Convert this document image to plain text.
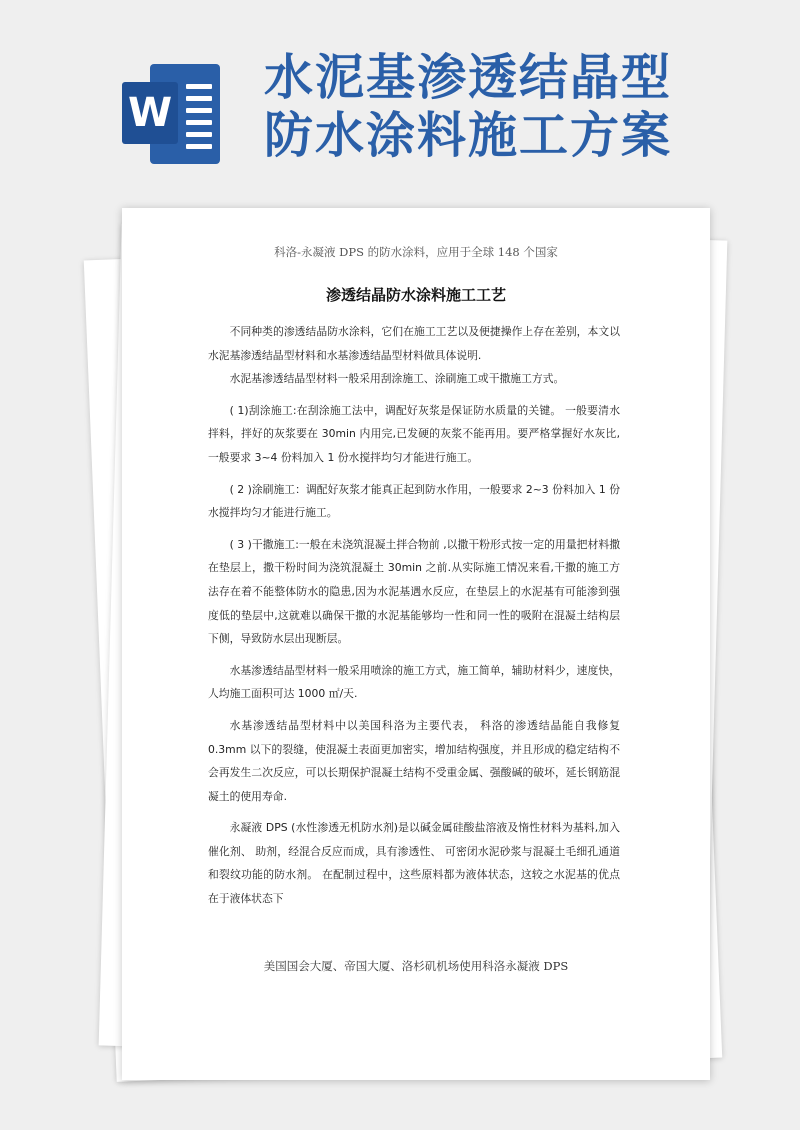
W
水泥基渗透结晶型
防水涂料施工方案
科洛-永凝液 DPS 的防水涂料，应用于全球 148 个国家
渗透结晶防水涂料施工工艺

不同种类的渗透结晶防水涂料，它们在施工工艺以及便捷操作上存在差别，本文以水泥基渗透结晶型材料和水基渗透结晶型材料做具体说明.

水泥基渗透结晶型材料一般采用刮涂施工、涂刷施工或干撒施工方式。

( 1)刮涂施工:在刮涂施工法中，调配好灰浆是保证防水质量的关键。 一般要清水拌料，拌好的灰浆要在 30min 内用完,已发硬的灰浆不能再用。要严格掌握好水灰比,一般要求 3~4 份料加入 1 份水搅拌均匀才能进行施工。

( 2 )涂刷施工：调配好灰浆才能真正起到防水作用，一般要求 2~3 份料加入 1 份水搅拌均匀才能进行施工。

( 3 )干撒施工:一般在未浇筑混凝土拌合物前 ,以撒干粉形式按一定的用量把材料撒在垫层上，撒干粉时间为浇筑混凝土 30min 之前.从实际施工情况来看,干撒的施工方法存在着不能整体防水的隐患,因为水泥基遇水反应，在垫层上的水泥基有可能渗到强度低的垫层中,这就难以确保干撒的水泥基能够均一性和同一性的吸附在混凝土结构层下侧，导致防水层出现断层。

水基渗透结晶型材料一般采用喷涂的施工方式，施工简单，辅助材料少，速度快，人均施工面积可达 1000 ㎡/天.

水基渗透结晶型材料中以美国科洛为主要代表， 科洛的渗透结晶能自我修复 0.3mm 以下的裂缝，使混凝土表面更加密实，增加结构强度，并且形成的稳定结构不会再发生二次反应，可以长期保护混凝土结构不受重金属、强酸碱的破坏，延长钢筋混凝土的使用寿命.

永凝液 DPS (水性渗透无机防水剂)是以碱金属硅酸盐溶液及惰性材料为基料,加入催化剂、 助剂，经混合反应而成，具有渗透性、 可密闭水泥砂浆与混凝土毛细孔通道和裂纹功能的防水剂。 在配制过程中，这些原料都为液体状态，这较之水泥基的优点在于液体状态下

美国国会大厦、帝国大厦、洛杉矶机场使用科洛永凝液 DPS
